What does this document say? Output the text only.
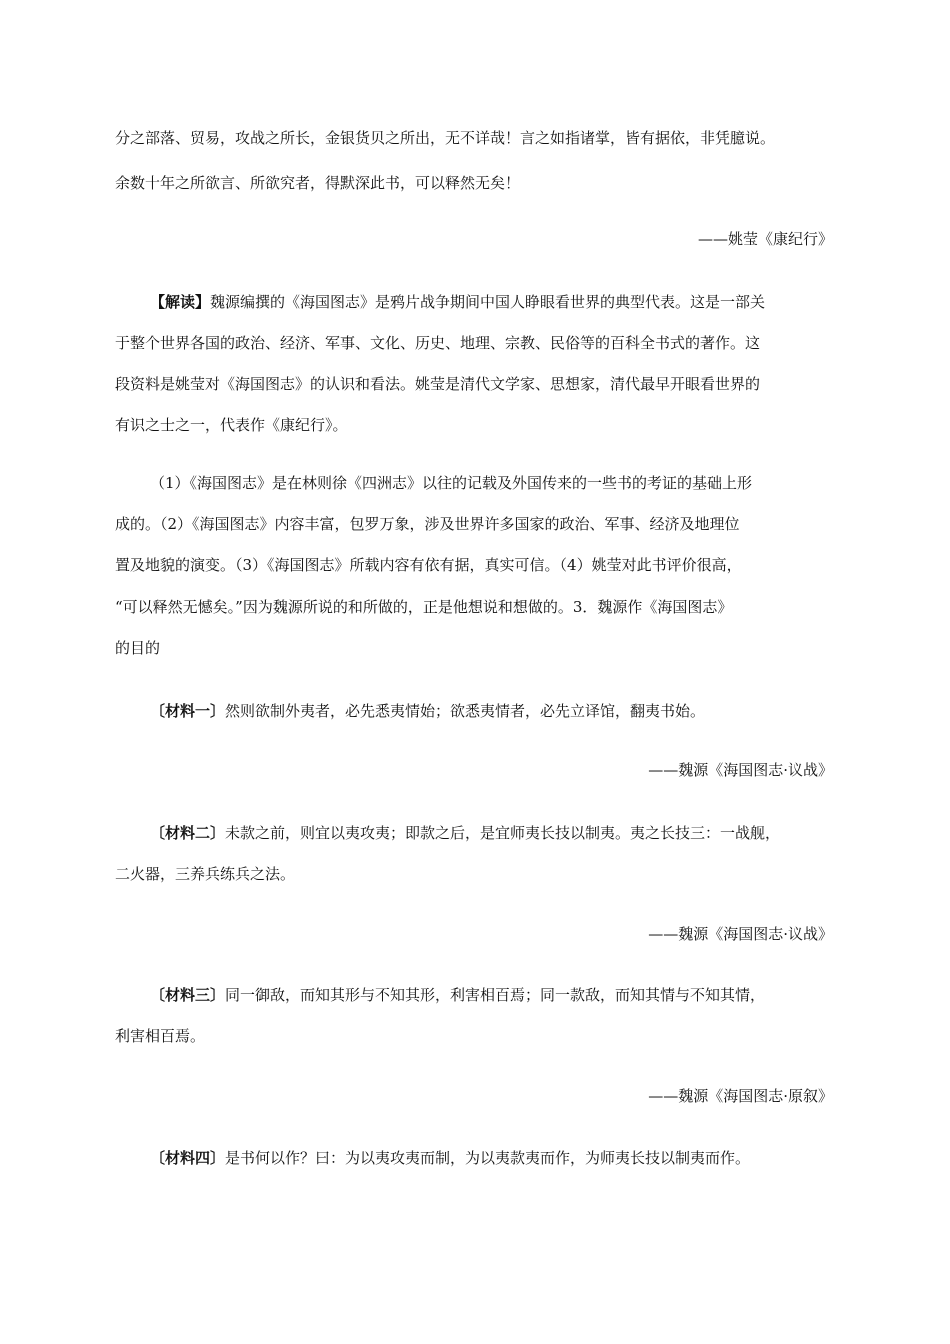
分之部落、贸易，攻战之所长，金银货贝之所出，无不详哉！言之如指诸掌，皆有据依，非凭臆说。
余数十年之所欲言、所欲究者，得默深此书，可以释然无矣！
——姚莹《康纪行》
【解读】魏源编撰的《海国图志》是鸦片战争期间中国人睁眼看世界的典型代表。这是一部关
于整个世界各国的政治、经济、军事、文化、历史、地理、宗教、民俗等的百科全书式的著作。这
段资料是姚莹对《海国图志》的认识和看法。姚莹是清代文学家、思想家，清代最早开眼看世界的
有识之士之一，代表作《康纪行》。
（1）《海国图志》是在林则徐《四洲志》以往的记载及外国传来的一些书的考证的基础上形
成的。（2）《海国图志》内容丰富，包罗万象，涉及世界许多国家的政治、军事、经济及地理位
置及地貌的演变。（3）《海国图志》所载内容有依有据，真实可信。（4）姚莹对此书评价很高，
“可以释然无憾矣。”因为魏源所说的和所做的，正是他想说和想做的。3．魏源作《海国图志》
的目的
〔材料一〕然则欲制外夷者，必先悉夷情始；欲悉夷情者，必先立译馆，翻夷书始。
——魏源《海国图志·议战》
〔材料二〕未款之前，则宜以夷攻夷；即款之后，是宜师夷长技以制夷。夷之长技三：一战舰，
二火器，三养兵练兵之法。
——魏源《海国图志·议战》
〔材料三〕同一御敌，而知其形与不知其形，利害相百焉；同一款敌，而知其情与不知其情，
利害相百焉。
——魏源《海国图志·原叙》
〔材料四〕是书何以作？曰：为以夷攻夷而制，为以夷款夷而作，为师夷长技以制夷而作。
